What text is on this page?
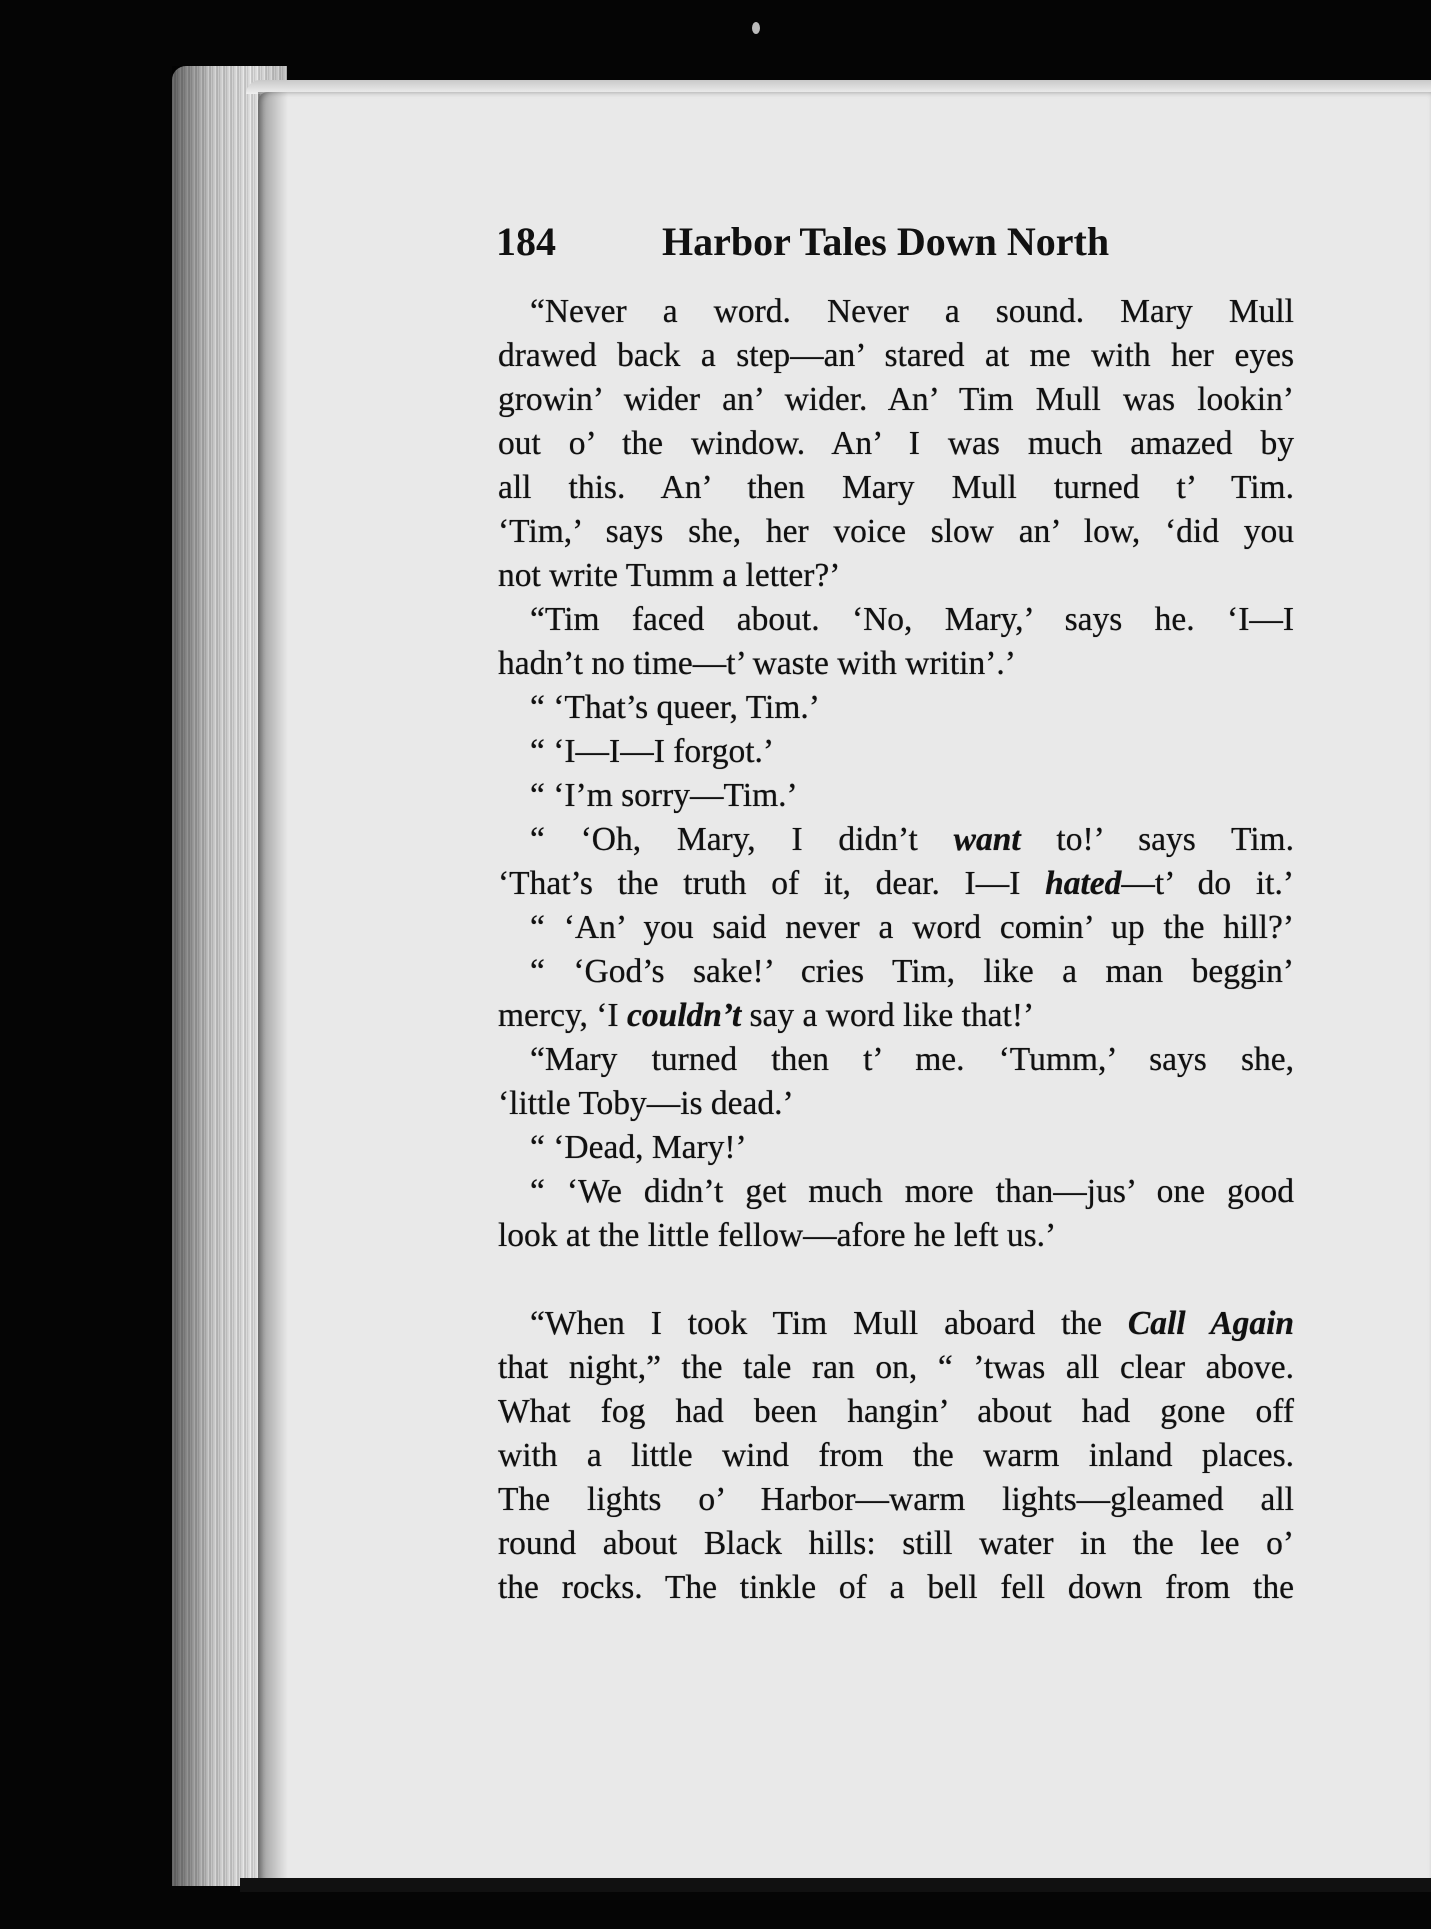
184	Harbor Tales Down North
“Never a word. Never a sound. Mary Mull
drawed back a step—an’ stared at me with her eyes
growin’ wider an’ wider. An’ Tim Mull was lookin’
out o’ the window. An’ I was much amazed by
all this. An’ then Mary Mull turned t’ Tim.
‘Tim,’ says she, her voice slow an’ low, ‘did you
not write Tumm a letter?’
“Tim faced about. ‘No, Mary,’ says he. ‘I—I
hadn’t no time—t’ waste with writin’.’
“ ‘That’s queer, Tim.’
“ ‘I—I—I forgot.’
“ ‘I’m sorry—Tim.’
“ ‘Oh, Mary, I didn’t want to!’ says Tim.
‘That’s the truth of it, dear. I—I hated—t’ do it.’
“ ‘An’ you said never a word comin’ up the hill?’
“ ‘God’s sake!’ cries Tim, like a man beggin’
mercy, ‘I couldn’t say a word like that!’
“Mary turned then t’ me. ‘Tumm,’ says she,
‘little Toby—is dead.’
“ ‘Dead, Mary!’
“ ‘We didn’t get much more than—jus’ one good
look at the little fellow—afore he left us.’
“When I took Tim Mull aboard the Call Again
that night,” the tale ran on, “ ’twas all clear above.
What fog had been hangin’ about had gone off
with a little wind from the warm inland places.
The lights o’ Harbor—warm lights—gleamed all
round about Black hills: still water in the lee o’
the rocks. The tinkle of a bell fell down from the
